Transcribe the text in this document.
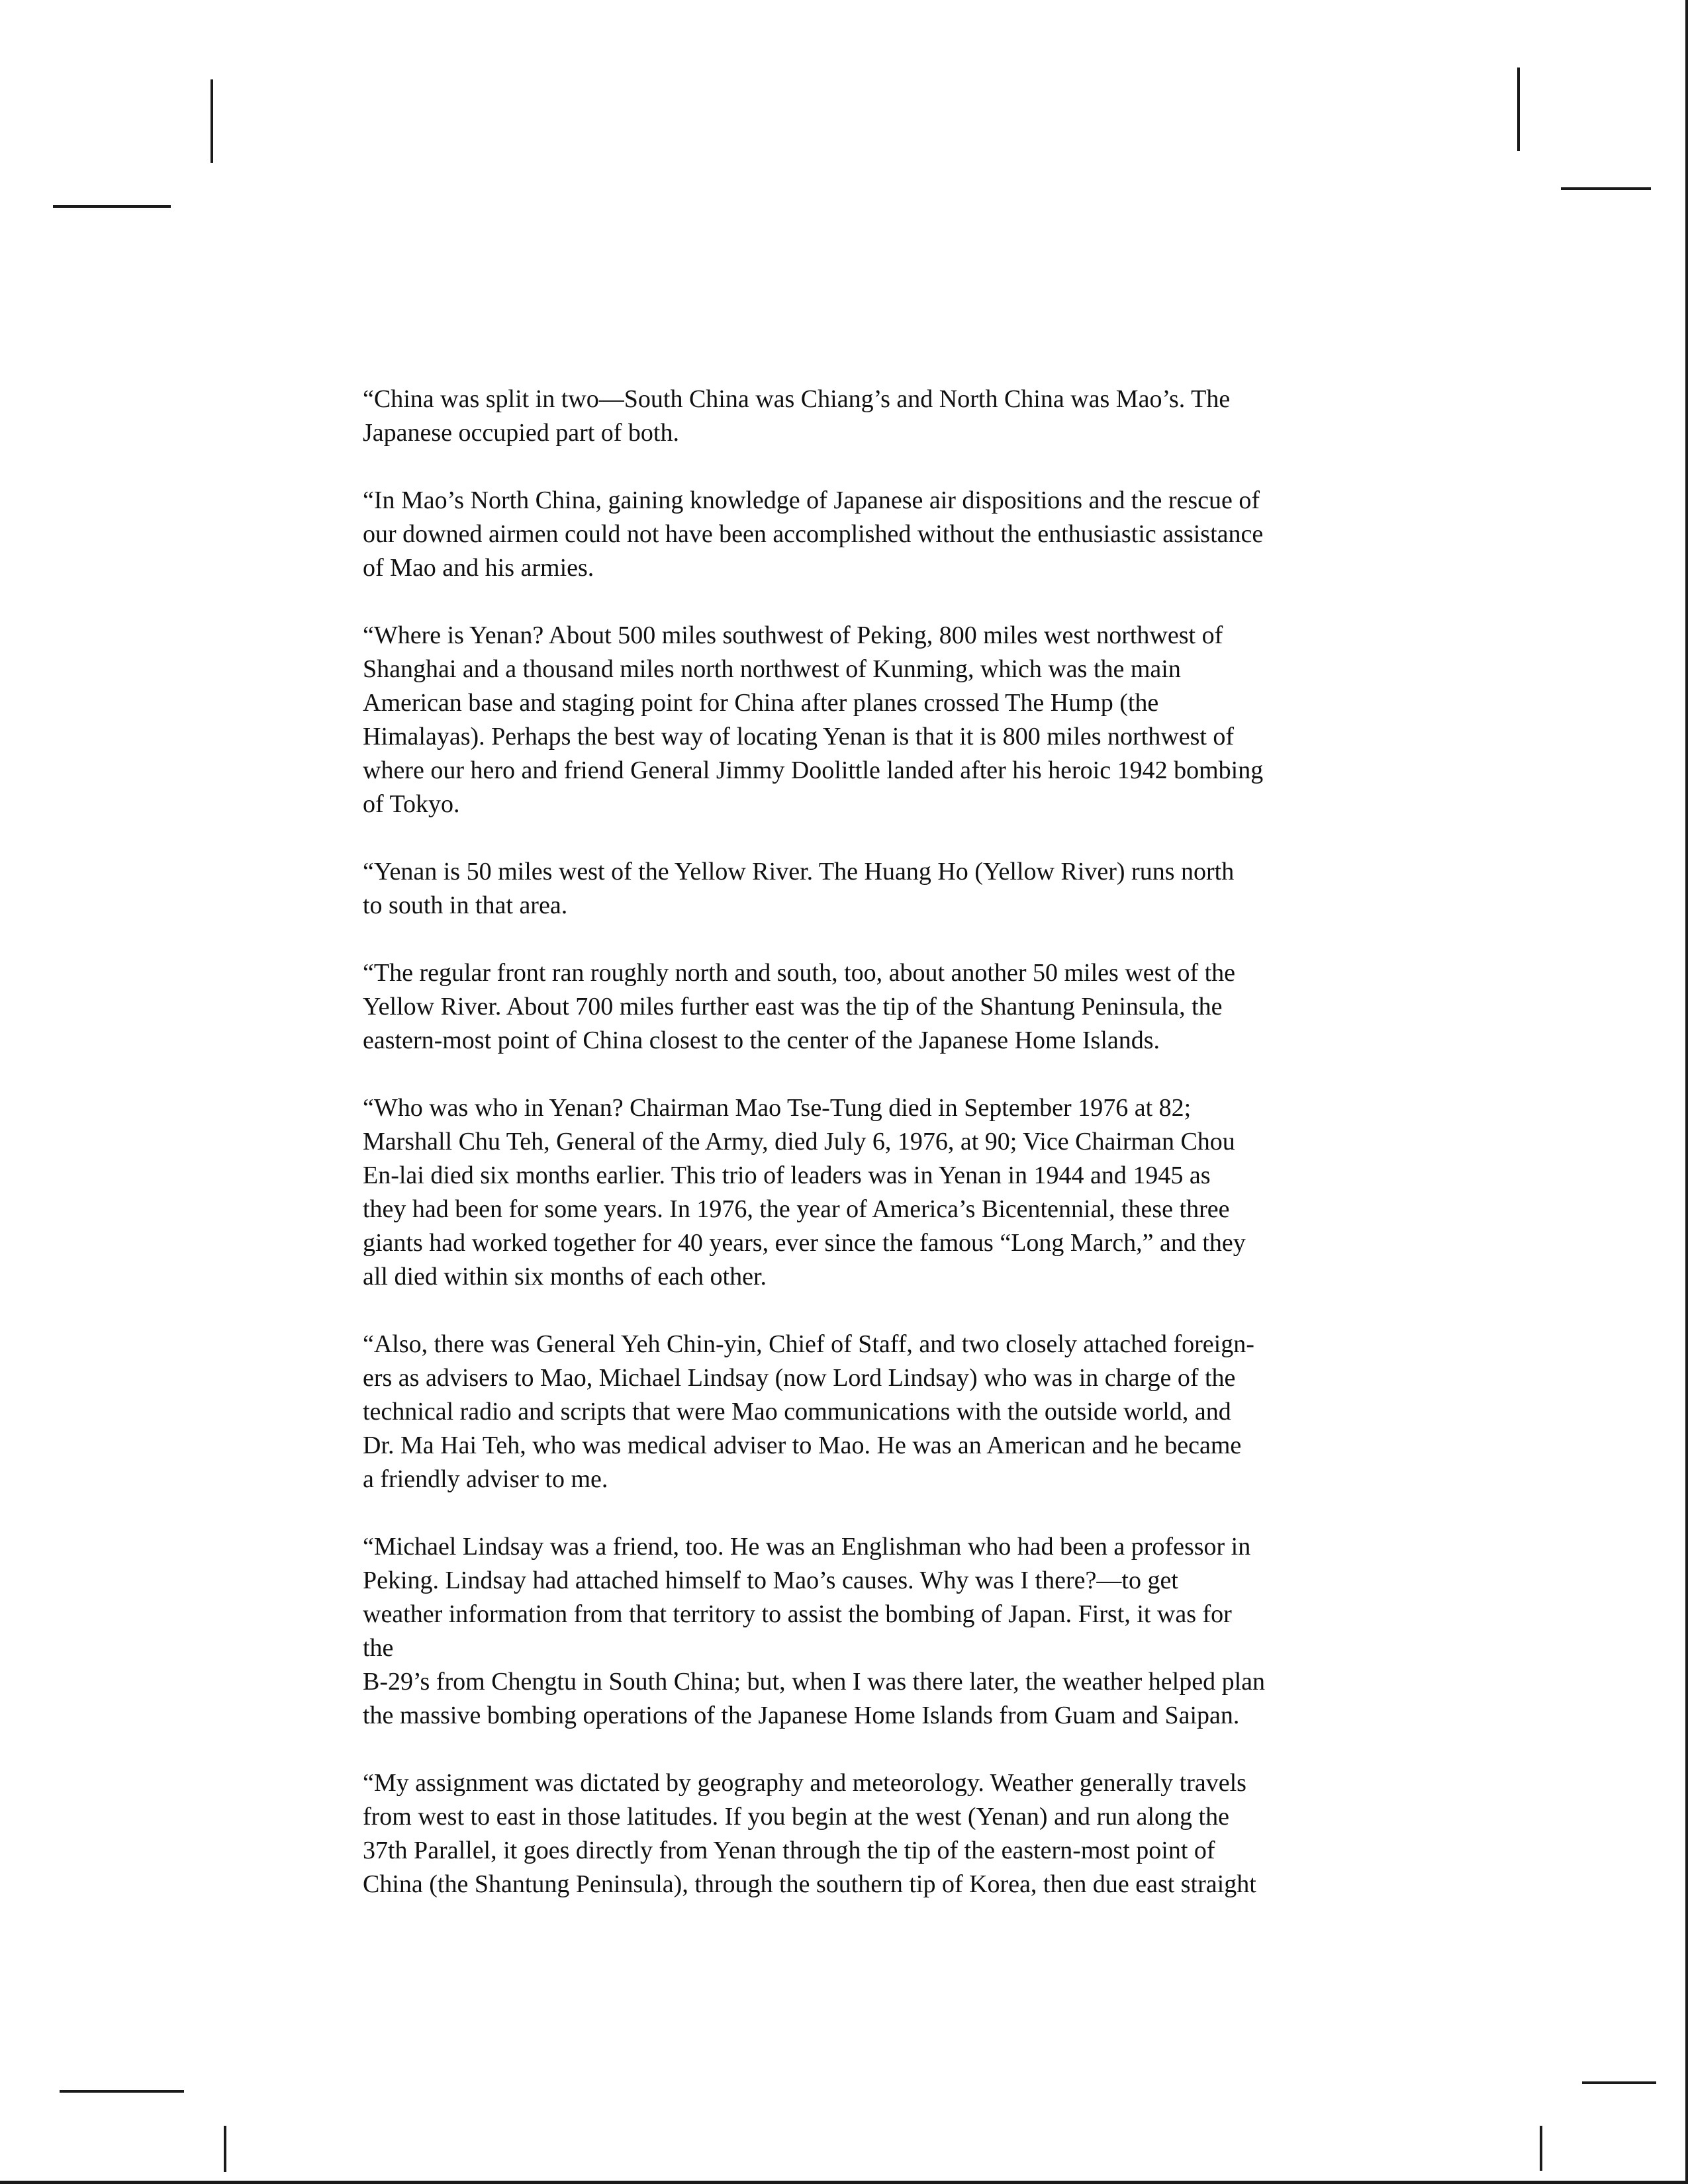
“China was split in two—South China was Chiang’s and North China was Mao’s. The
Japanese occupied part of both.

“In Mao’s North China, gaining knowledge of Japanese air dispositions and the rescue of
our downed airmen could not have been accomplished without the enthusiastic assistance
of Mao and his armies.

“Where is Yenan? About 500 miles southwest of Peking, 800 miles west northwest of
Shanghai and a thousand miles north northwest of Kunming, which was the main
American base and staging point for China after planes crossed The Hump (the
Himalayas). Perhaps the best way of locating Yenan is that it is 800 miles northwest of
where our hero and friend General Jimmy Doolittle landed after his heroic 1942 bombing
of Tokyo.

“Yenan is 50 miles west of the Yellow River. The Huang Ho (Yellow River) runs north
to south in that area.

“The regular front ran roughly north and south, too, about another 50 miles west of the
Yellow River. About 700 miles further east was the tip of the Shantung Peninsula, the
eastern-most point of China closest to the center of the Japanese Home Islands.

“Who was who in Yenan? Chairman Mao Tse-Tung died in September 1976 at 82;
Marshall Chu Teh, General of the Army, died July 6, 1976, at 90; Vice Chairman Chou
En-lai died six months earlier. This trio of leaders was in Yenan in 1944 and 1945 as
they had been for some years. In 1976, the year of America’s Bicentennial, these three
giants had worked together for 40 years, ever since the famous “Long March,” and they
all died within six months of each other.

“Also, there was General Yeh Chin-yin, Chief of Staff, and two closely attached foreign-
ers as advisers to Mao, Michael Lindsay (now Lord Lindsay) who was in charge of the
technical radio and scripts that were Mao communications with the outside world, and
Dr. Ma Hai Teh, who was medical adviser to Mao. He was an American and he became
a friendly adviser to me.

“Michael Lindsay was a friend, too. He was an Englishman who had been a professor in
Peking. Lindsay had attached himself to Mao’s causes. Why was I there?—to get
weather information from that territory to assist the bombing of Japan. First, it was for
the
B-29’s from Chengtu in South China; but, when I was there later, the weather helped plan
the massive bombing operations of the Japanese Home Islands from Guam and Saipan.

“My assignment was dictated by geography and meteorology. Weather generally travels
from west to east in those latitudes. If you begin at the west (Yenan) and run along the
37th Parallel, it goes directly from Yenan through the tip of the eastern-most point of
China (the Shantung Peninsula), through the southern tip of Korea, then due east straight
